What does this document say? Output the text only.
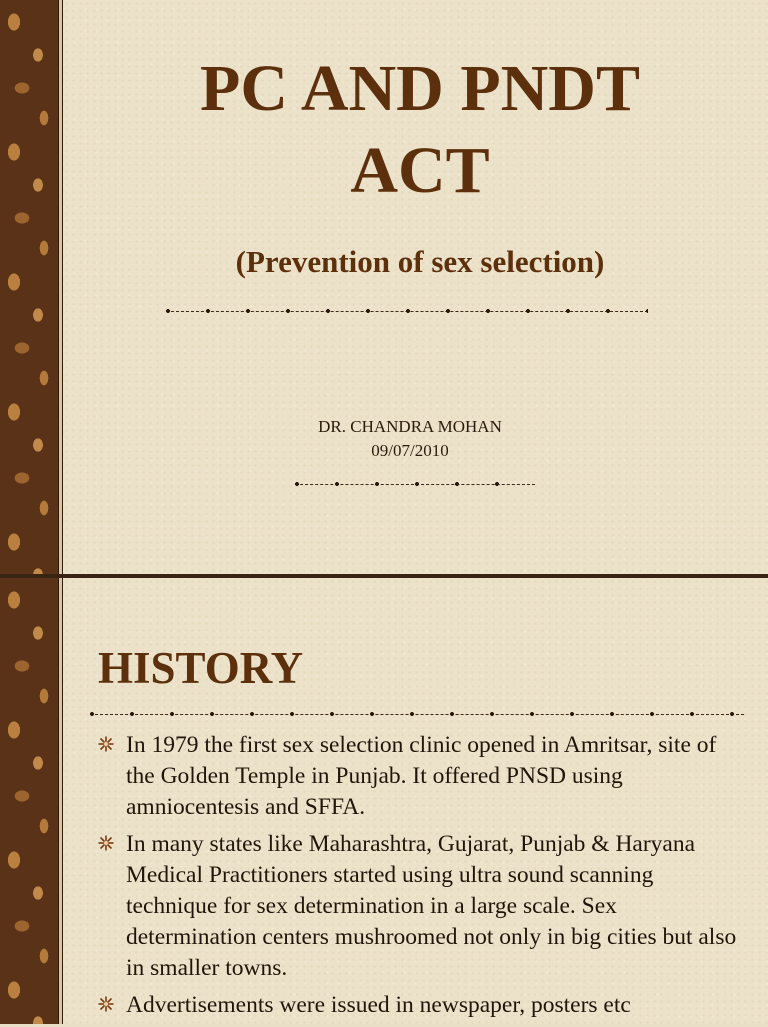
PC AND PNDT
ACT

(Prevention of sex selection)

DR. CHANDRA MOHAN

09/07/2010

HISTORY
In 1979 the first sex selection clinic opened in Amritsar, site of the Golden Temple in Punjab. It offered PNSD using amniocentesis and SFFA.
In many states like Maharashtra, Gujarat, Punjab & Haryana Medical Practitioners started using ultra sound scanning technique for sex determination in a large scale. Sex determination centers mushroomed not only in big cities but also in smaller towns.
Advertisements were issued in newspaper, posters etc
